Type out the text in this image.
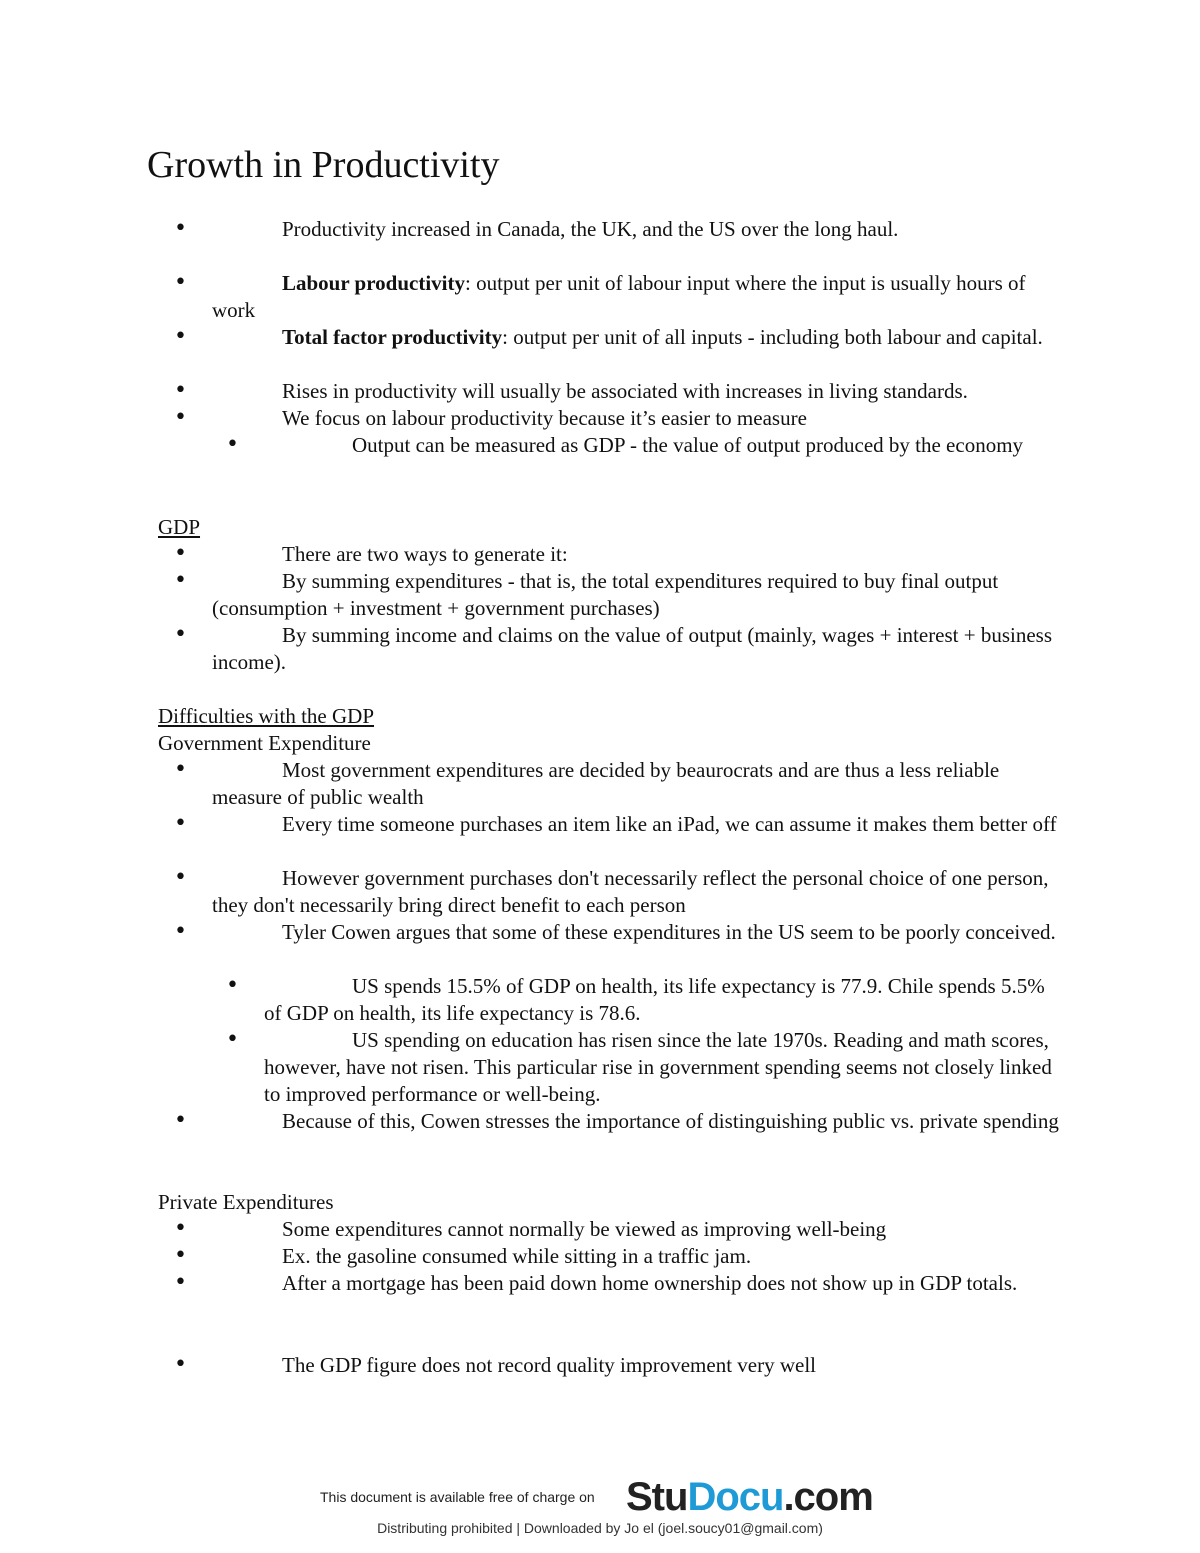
Growth in Productivity
•	Productivity increased in Canada, the UK, and the US over the long haul.
•	Labour productivity: output per unit of labour input where the input is usually hours of work
•	Total factor productivity: output per unit of all inputs - including both labour and capital.
•	Rises in productivity will usually be associated with increases in living standards.
•	We focus on labour productivity because it’s easier to measure
•	Output can be measured as GDP - the value of output produced by the economy
GDP
•	There are two ways to generate it:
•	By summing expenditures - that is, the total expenditures required to buy final output (consumption + investment + government purchases)
•	By summing income and claims on the value of output (mainly, wages + interest + business income).
Difficulties with the GDP
Government Expenditure
•	Most government expenditures are decided by beaurocrats and are thus a less reliable measure of public wealth
•	Every time someone purchases an item like an iPad, we can assume it makes them better off
•	However government purchases don't necessarily reflect the personal choice of one person, they don't necessarily bring direct benefit to each person
•	Tyler Cowen argues that some of these expenditures in the US seem to be poorly conceived.
•	US spends 15.5% of GDP on health, its life expectancy is 77.9. Chile spends 5.5% of GDP on health, its life expectancy is 78.6.
•	US spending on education has risen since the late 1970s. Reading and math scores, however, have not risen. This particular rise in government spending seems not closely linked to improved performance or well-being.
•	Because of this, Cowen stresses the importance of distinguishing public vs. private spending
Private Expenditures
•	Some expenditures cannot normally be viewed as improving well-being
•	Ex. the gasoline consumed while sitting in a traffic jam.
•	After a mortgage has been paid down home ownership does not show up in GDP totals.
•	The GDP figure does not record quality improvement very well
This document is available free of charge on StuDocu.com
Distributing prohibited | Downloaded by Jo el (joel.soucy01@gmail.com)
